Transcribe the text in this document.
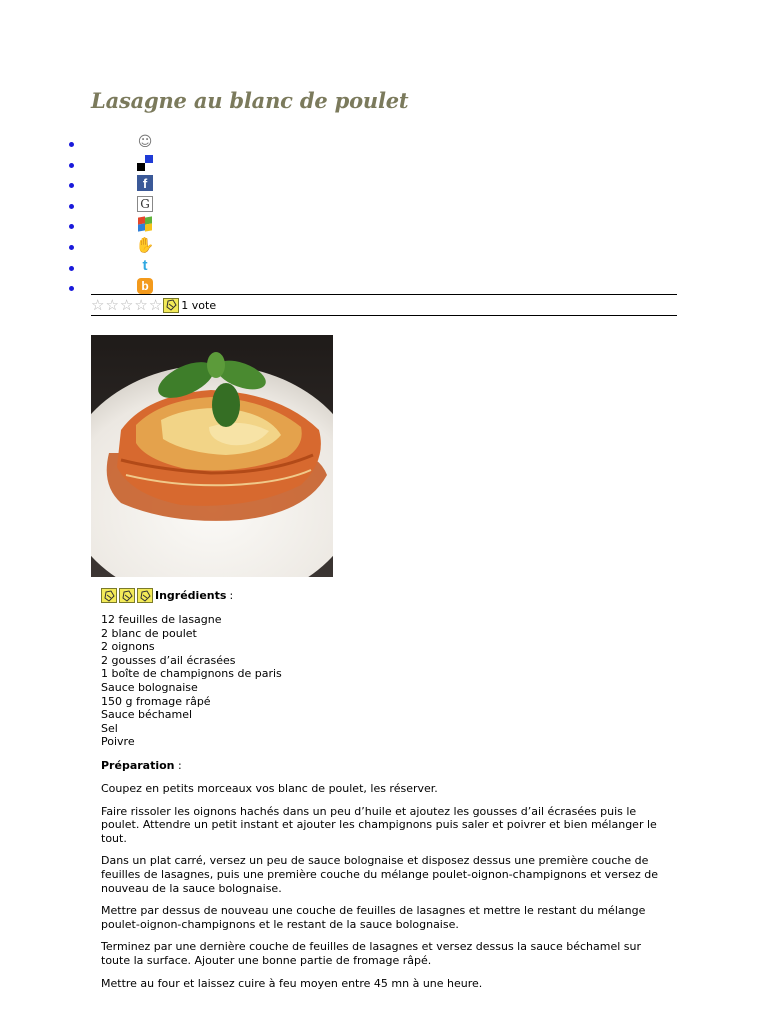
Lasagne au blanc de poulet
☺
f
G
✋
t
b
☆ ☆ ☆ ☆ ☆ 1 vote
Ingrédients :
12 feuilles de lasagne
2 blanc de poulet
2 oignons
2 gousses d’ail écrasées
1 boîte de champignons de paris
Sauce bolognaise
150 g fromage râpé
Sauce béchamel
Sel
Poivre
Préparation :

Coupez en petits morceaux vos blanc de poulet, les réserver.

Faire rissoler les oignons hachés dans un peu d’huile et ajoutez les gousses d’ail écrasées puis le poulet. Attendre un petit instant et ajouter les champignons puis saler et poivrer et bien mélanger le tout.

Dans un plat carré, versez un peu de sauce bolognaise et disposez dessus une première couche de feuilles de lasagnes, puis une première couche du mélange poulet-oignon-champignons et versez de nouveau de la sauce bolognaise.

Mettre par dessus de nouveau une couche de feuilles de lasagnes et mettre le restant du mélange poulet-oignon-champignons et le restant de la sauce bolognaise.

Terminez par une dernière couche de feuilles de lasagnes et versez dessus la sauce béchamel sur toute la surface. Ajouter une bonne partie de fromage râpé.

Mettre au four et laissez cuire à feu moyen entre 45 mn à une heure.
